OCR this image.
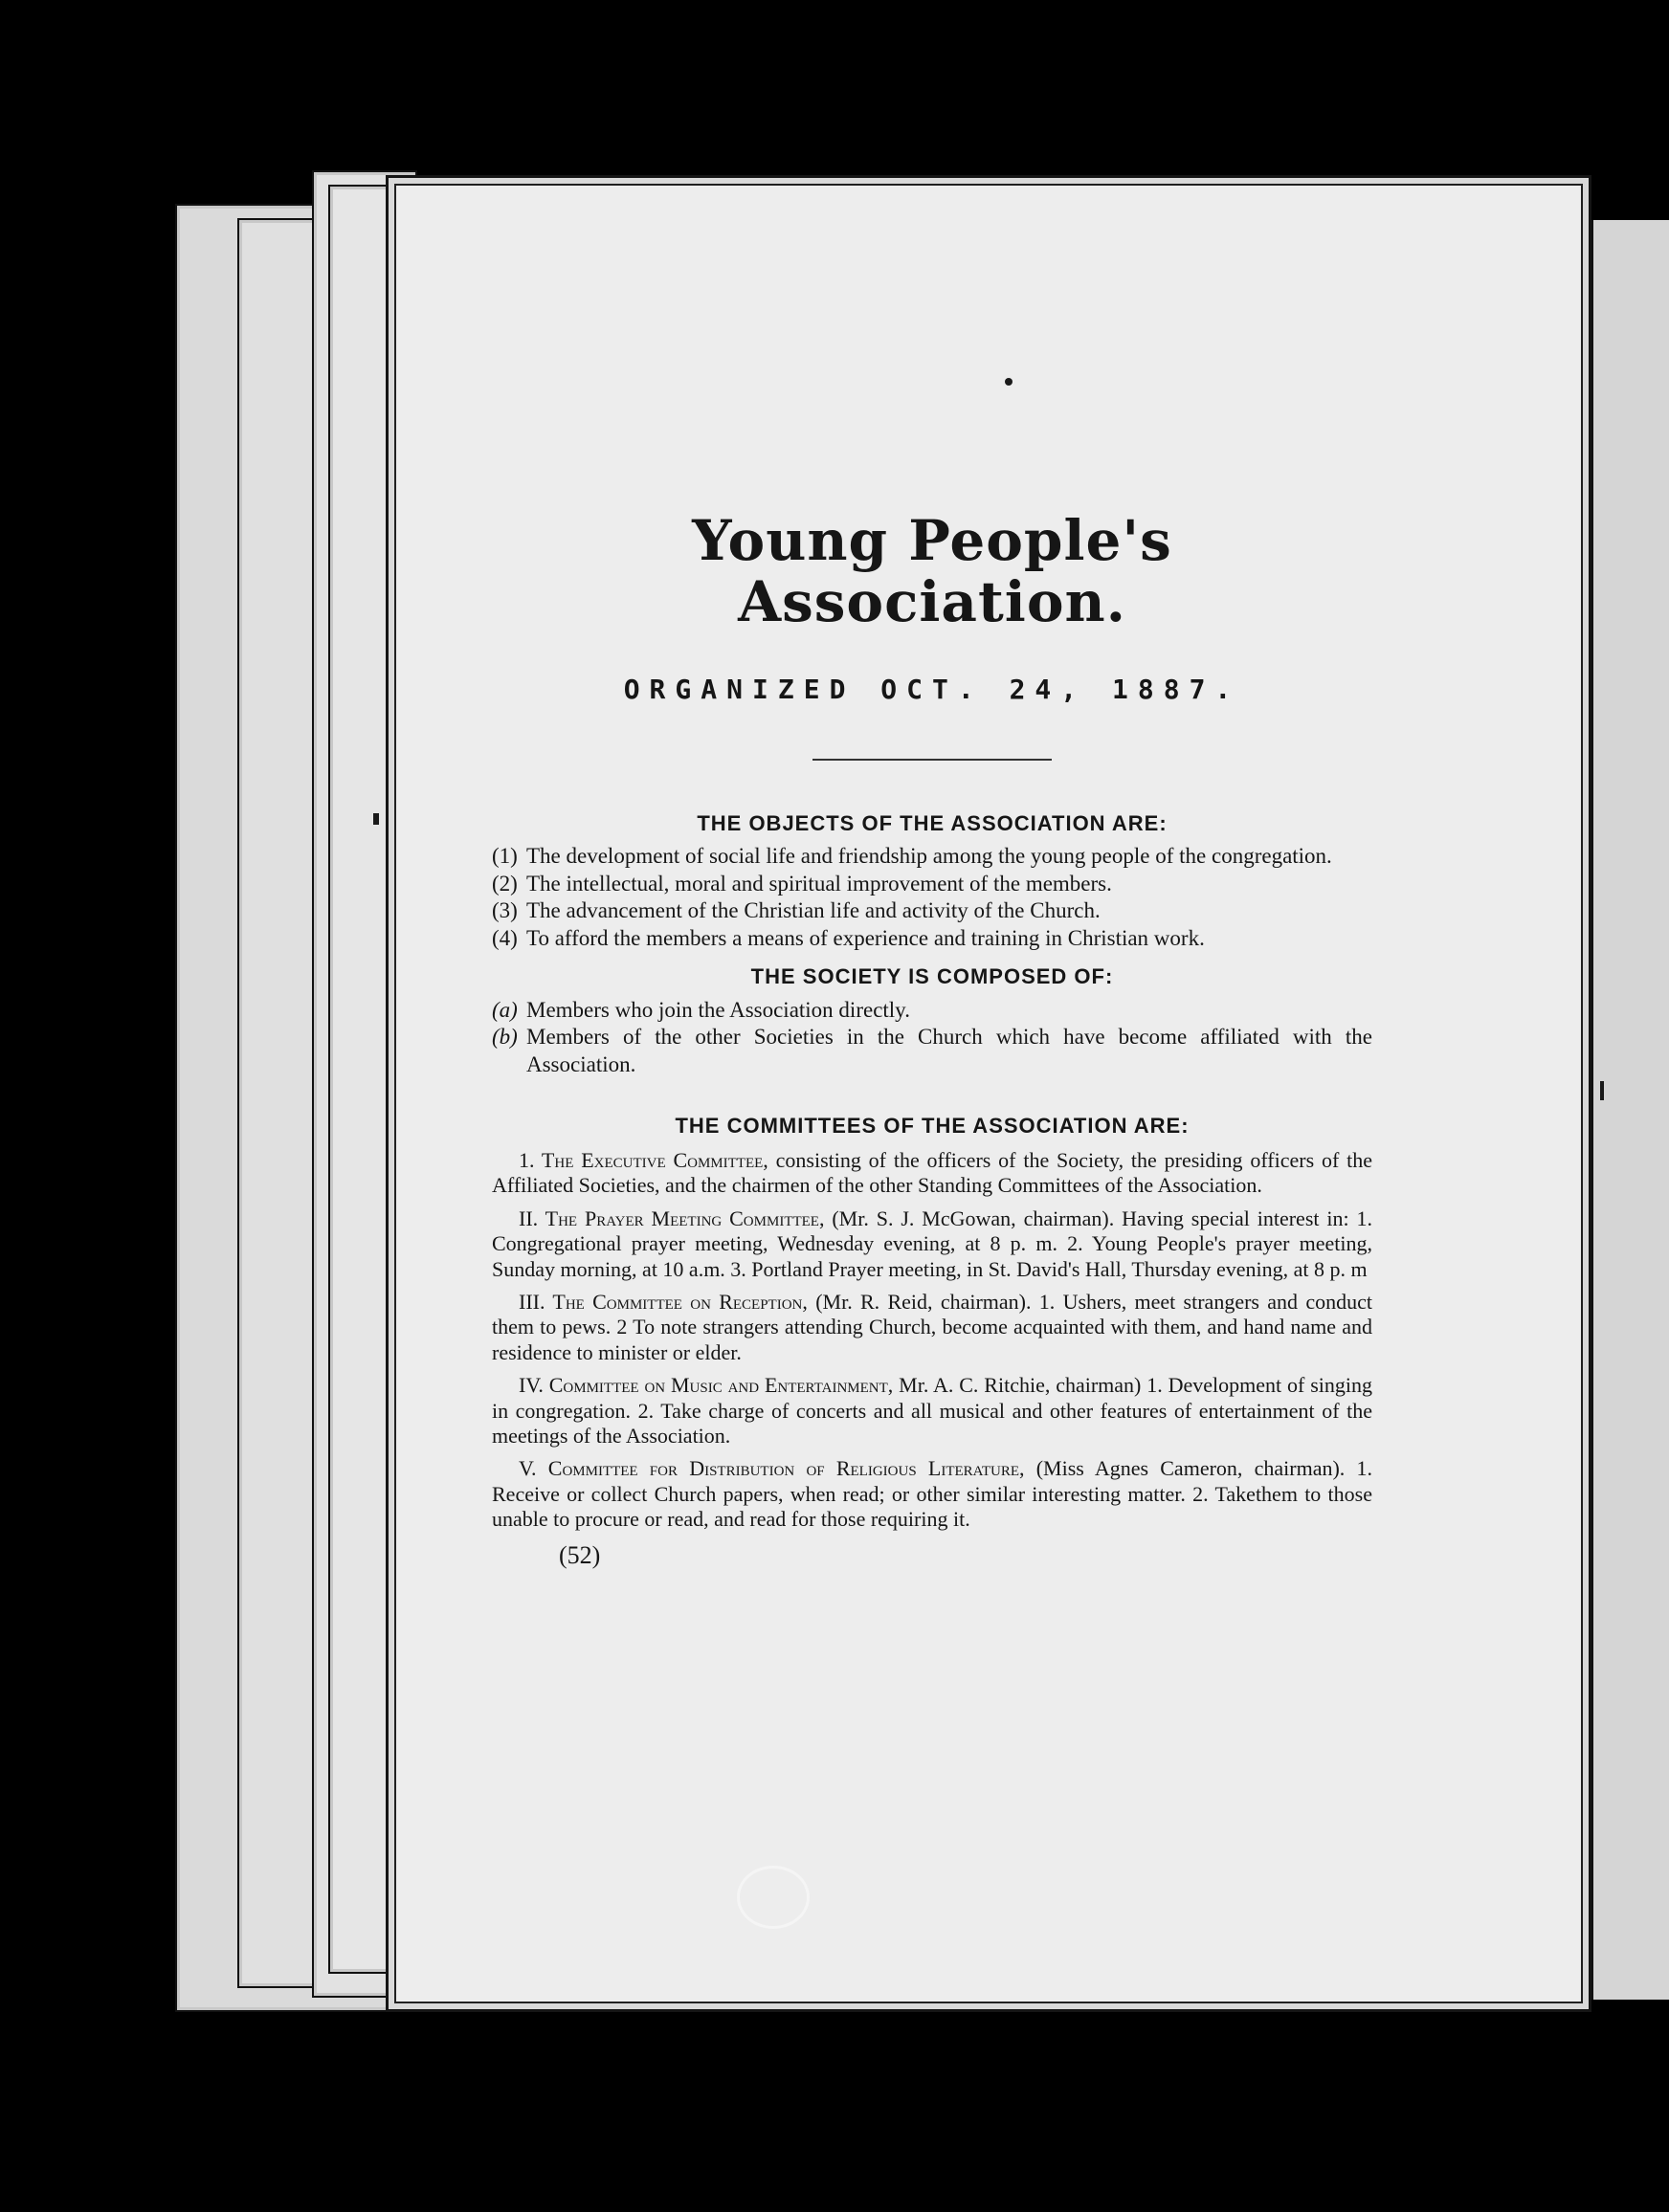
Young People's Association.
ORGANIZED OCT. 24, 1887.
THE OBJECTS OF THE ASSOCIATION ARE:
(1) The development of social life and friendship among the young people of the congregation.
(2) The intellectual, moral and spiritual improvement of the members.
(3) The advancement of the Christian life and activity of the Church.
(4) To afford the members a means of experience and training in Christian work.
THE SOCIETY IS COMPOSED OF:
(a) Members who join the Association directly.
(b) Members of the other Societies in the Church which have become affiliated with the Association.
THE COMMITTEES OF THE ASSOCIATION ARE:

1. The Executive Committee, consisting of the officers of the Society, the presiding officers of the Affiliated Societies, and the chairmen of the other Standing Committees of the Association.

II. The Prayer Meeting Committee, (Mr. S. J. McGowan, chairman). Having special interest in: 1. Congregational prayer meeting, Wednesday evening, at 8 p. m. 2. Young People's prayer meeting, Sunday morning, at 10 a.m. 3. Portland Prayer meeting, in St. David's Hall, Thursday evening, at 8 p. m

III. The Committee on Reception, (Mr. R. Reid, chairman). 1. Ushers, meet strangers and conduct them to pews. 2 To note strangers attending Church, become acquainted with them, and hand name and residence to minister or elder.

IV. Committee on Music and Entertainment, Mr. A. C. Ritchie, chairman) 1. Development of singing in congregation. 2. Take charge of concerts and all musical and other features of entertainment of the meetings of the Association.

V. Committee for Distribution of Religious Literature, (Miss Agnes Cameron, chairman). 1. Receive or collect Church papers, when read; or other similar interesting matter. 2. Takethem to those unable to procure or read, and read for those requiring it.

(52)
